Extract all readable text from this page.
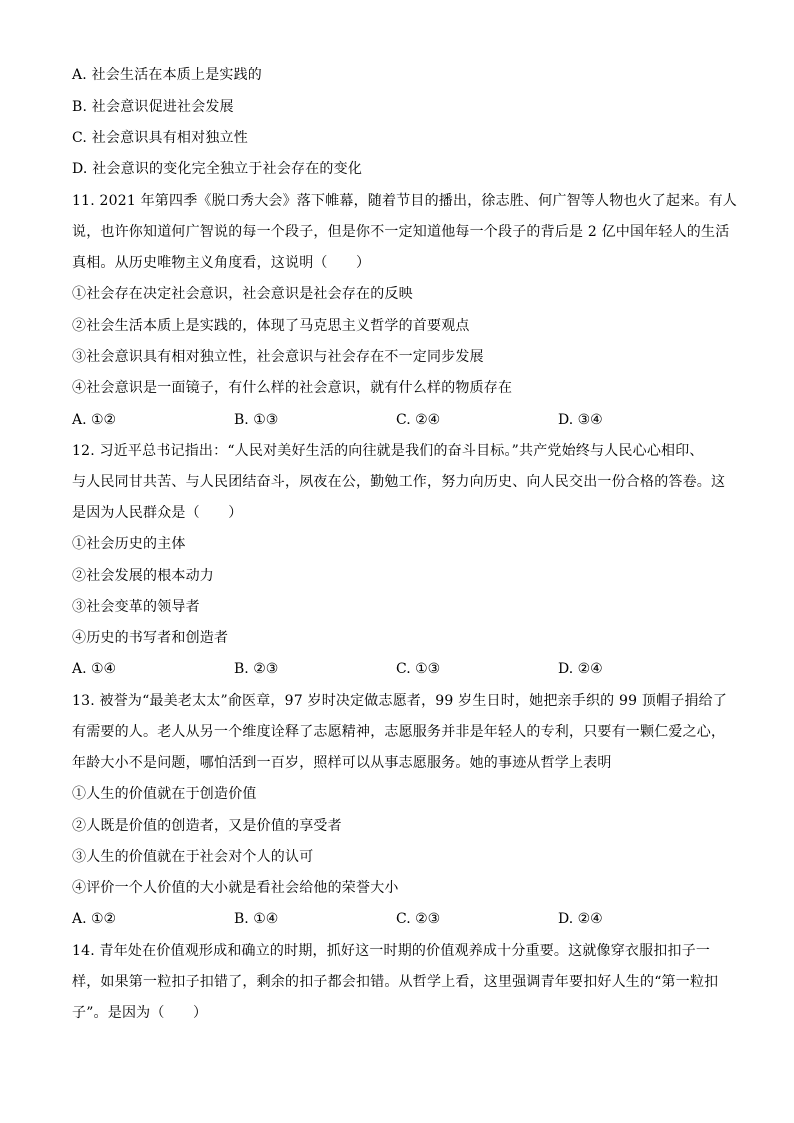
A. 社会生活在本质上是实践的
B. 社会意识促进社会发展
C. 社会意识具有相对独立性
D. 社会意识的变化完全独立于社会存在的变化
11. 2021 年第四季《脱口秀大会》落下帷幕，随着节目的播出，徐志胜、何广智等人物也火了起来。有人
说，也许你知道何广智说的每一个段子，但是你不一定知道他每一个段子的背后是 2 亿中国年轻人的生活
真相。从历史唯物主义角度看，这说明（　　）
①社会存在决定社会意识，社会意识是社会存在的反映
②社会生活本质上是实践的，体现了马克思主义哲学的首要观点
③社会意识具有相对独立性，社会意识与社会存在不一定同步发展
④社会意识是一面镜子，有什么样的社会意识，就有什么样的物质存在
A. ①②	B. ①③	C. ②④	D. ③④
12. 习近平总书记指出：“人民对美好生活的向往就是我们的奋斗目标。”共产党始终与人民心心相印、
与人民同甘共苦、与人民团结奋斗，夙夜在公，勤勉工作，努力向历史、向人民交出一份合格的答卷。这
是因为人民群众是（　　）
①社会历史的主体
②社会发展的根本动力
③社会变革的领导者
④历史的书写者和创造者
A. ①④	B. ②③	C. ①③	D. ②④
13. 被誉为“最美老太太”俞医章，97 岁时决定做志愿者，99 岁生日时，她把亲手织的 99 顶帽子捐给了
有需要的人。老人从另一个维度诠释了志愿精神，志愿服务并非是年轻人的专利，只要有一颗仁爱之心，
年龄大小不是问题，哪怕活到一百岁，照样可以从事志愿服务。她的事迹从哲学上表明
①人生的价值就在于创造价值
②人既是价值的创造者，又是价值的享受者
③人生的价值就在于社会对个人的认可
④评价一个人价值的大小就是看社会给他的荣誉大小
A. ①②	B. ①④	C. ②③	D. ②④
14. 青年处在价值观形成和确立的时期，抓好这一时期的价值观养成十分重要。这就像穿衣服扣扣子一
样，如果第一粒扣子扣错了，剩余的扣子都会扣错。从哲学上看，这里强调青年要扣好人生的“第一粒扣
子”。是因为（　　）
